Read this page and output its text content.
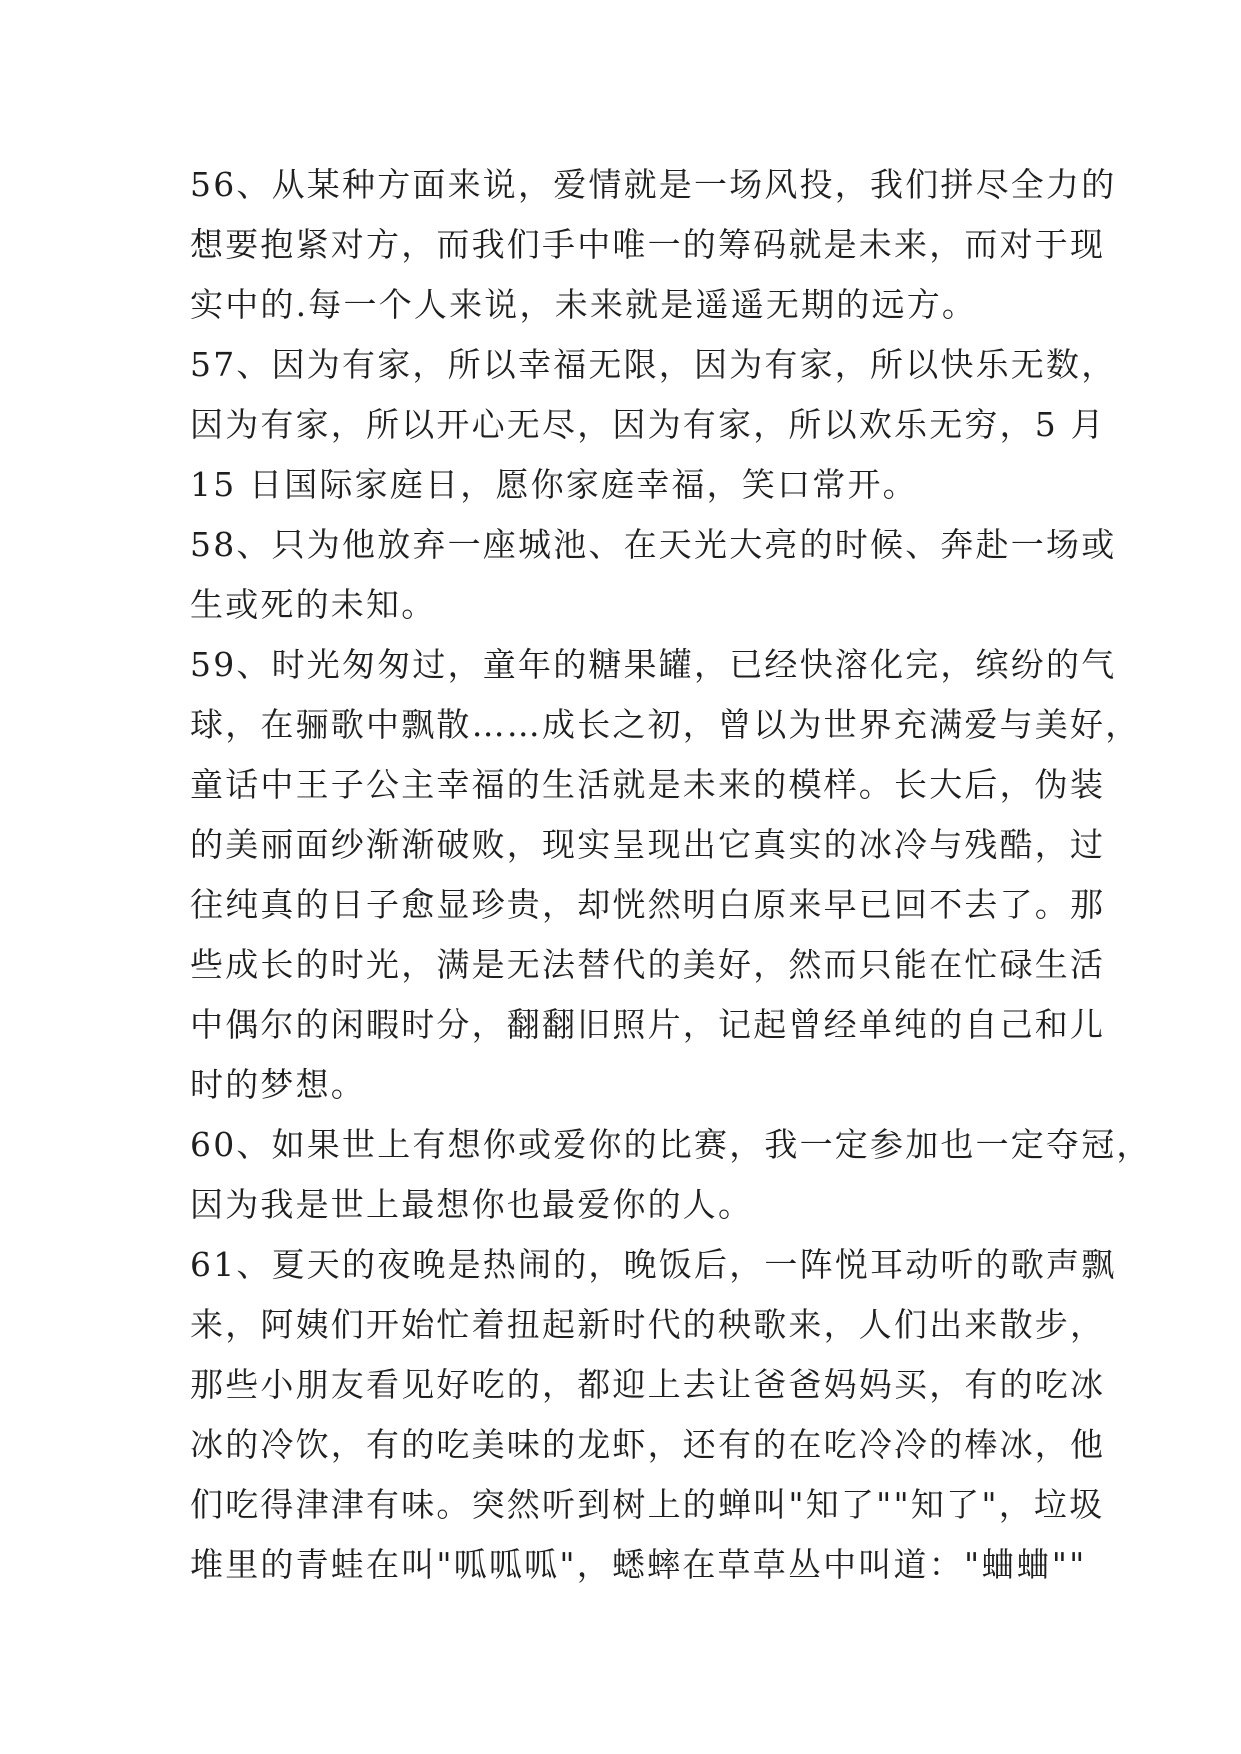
56、从某种方面来说，爱情就是一场风投，我们拼尽全力的
想要抱紧对方，而我们手中唯一的筹码就是未来，而对于现
实中的.每一个人来说，未来就是遥遥无期的远方。
57、因为有家，所以幸福无限，因为有家，所以快乐无数，
因为有家，所以开心无尽，因为有家，所以欢乐无穷，5 月
15 日国际家庭日，愿你家庭幸福，笑口常开。
58、只为他放弃一座城池、在天光大亮的时候、奔赴一场或
生或死的未知。
59、时光匆匆过，童年的糖果罐，已经快溶化完，缤纷的气
球，在骊歌中飘散……成长之初，曾以为世界充满爱与美好，
童话中王子公主幸福的生活就是未来的模样。长大后，伪装
的美丽面纱渐渐破败，现实呈现出它真实的冰冷与残酷，过
往纯真的日子愈显珍贵，却恍然明白原来早已回不去了。那
些成长的时光，满是无法替代的美好，然而只能在忙碌生活
中偶尔的闲暇时分，翻翻旧照片，记起曾经单纯的自己和儿
时的梦想。
60、如果世上有想你或爱你的比赛，我一定参加也一定夺冠，
因为我是世上最想你也最爱你的人。
61、夏天的夜晚是热闹的，晚饭后，一阵悦耳动听的歌声飘
来，阿姨们开始忙着扭起新时代的秧歌来，人们出来散步，
那些小朋友看见好吃的，都迎上去让爸爸妈妈买，有的吃冰
冰的冷饮，有的吃美味的龙虾，还有的在吃冷冷的棒冰，他
们吃得津津有味。突然听到树上的蝉叫"知了""知了"，垃圾
堆里的青蛙在叫"呱呱呱"，蟋蟀在草草丛中叫道："蛐蛐""
